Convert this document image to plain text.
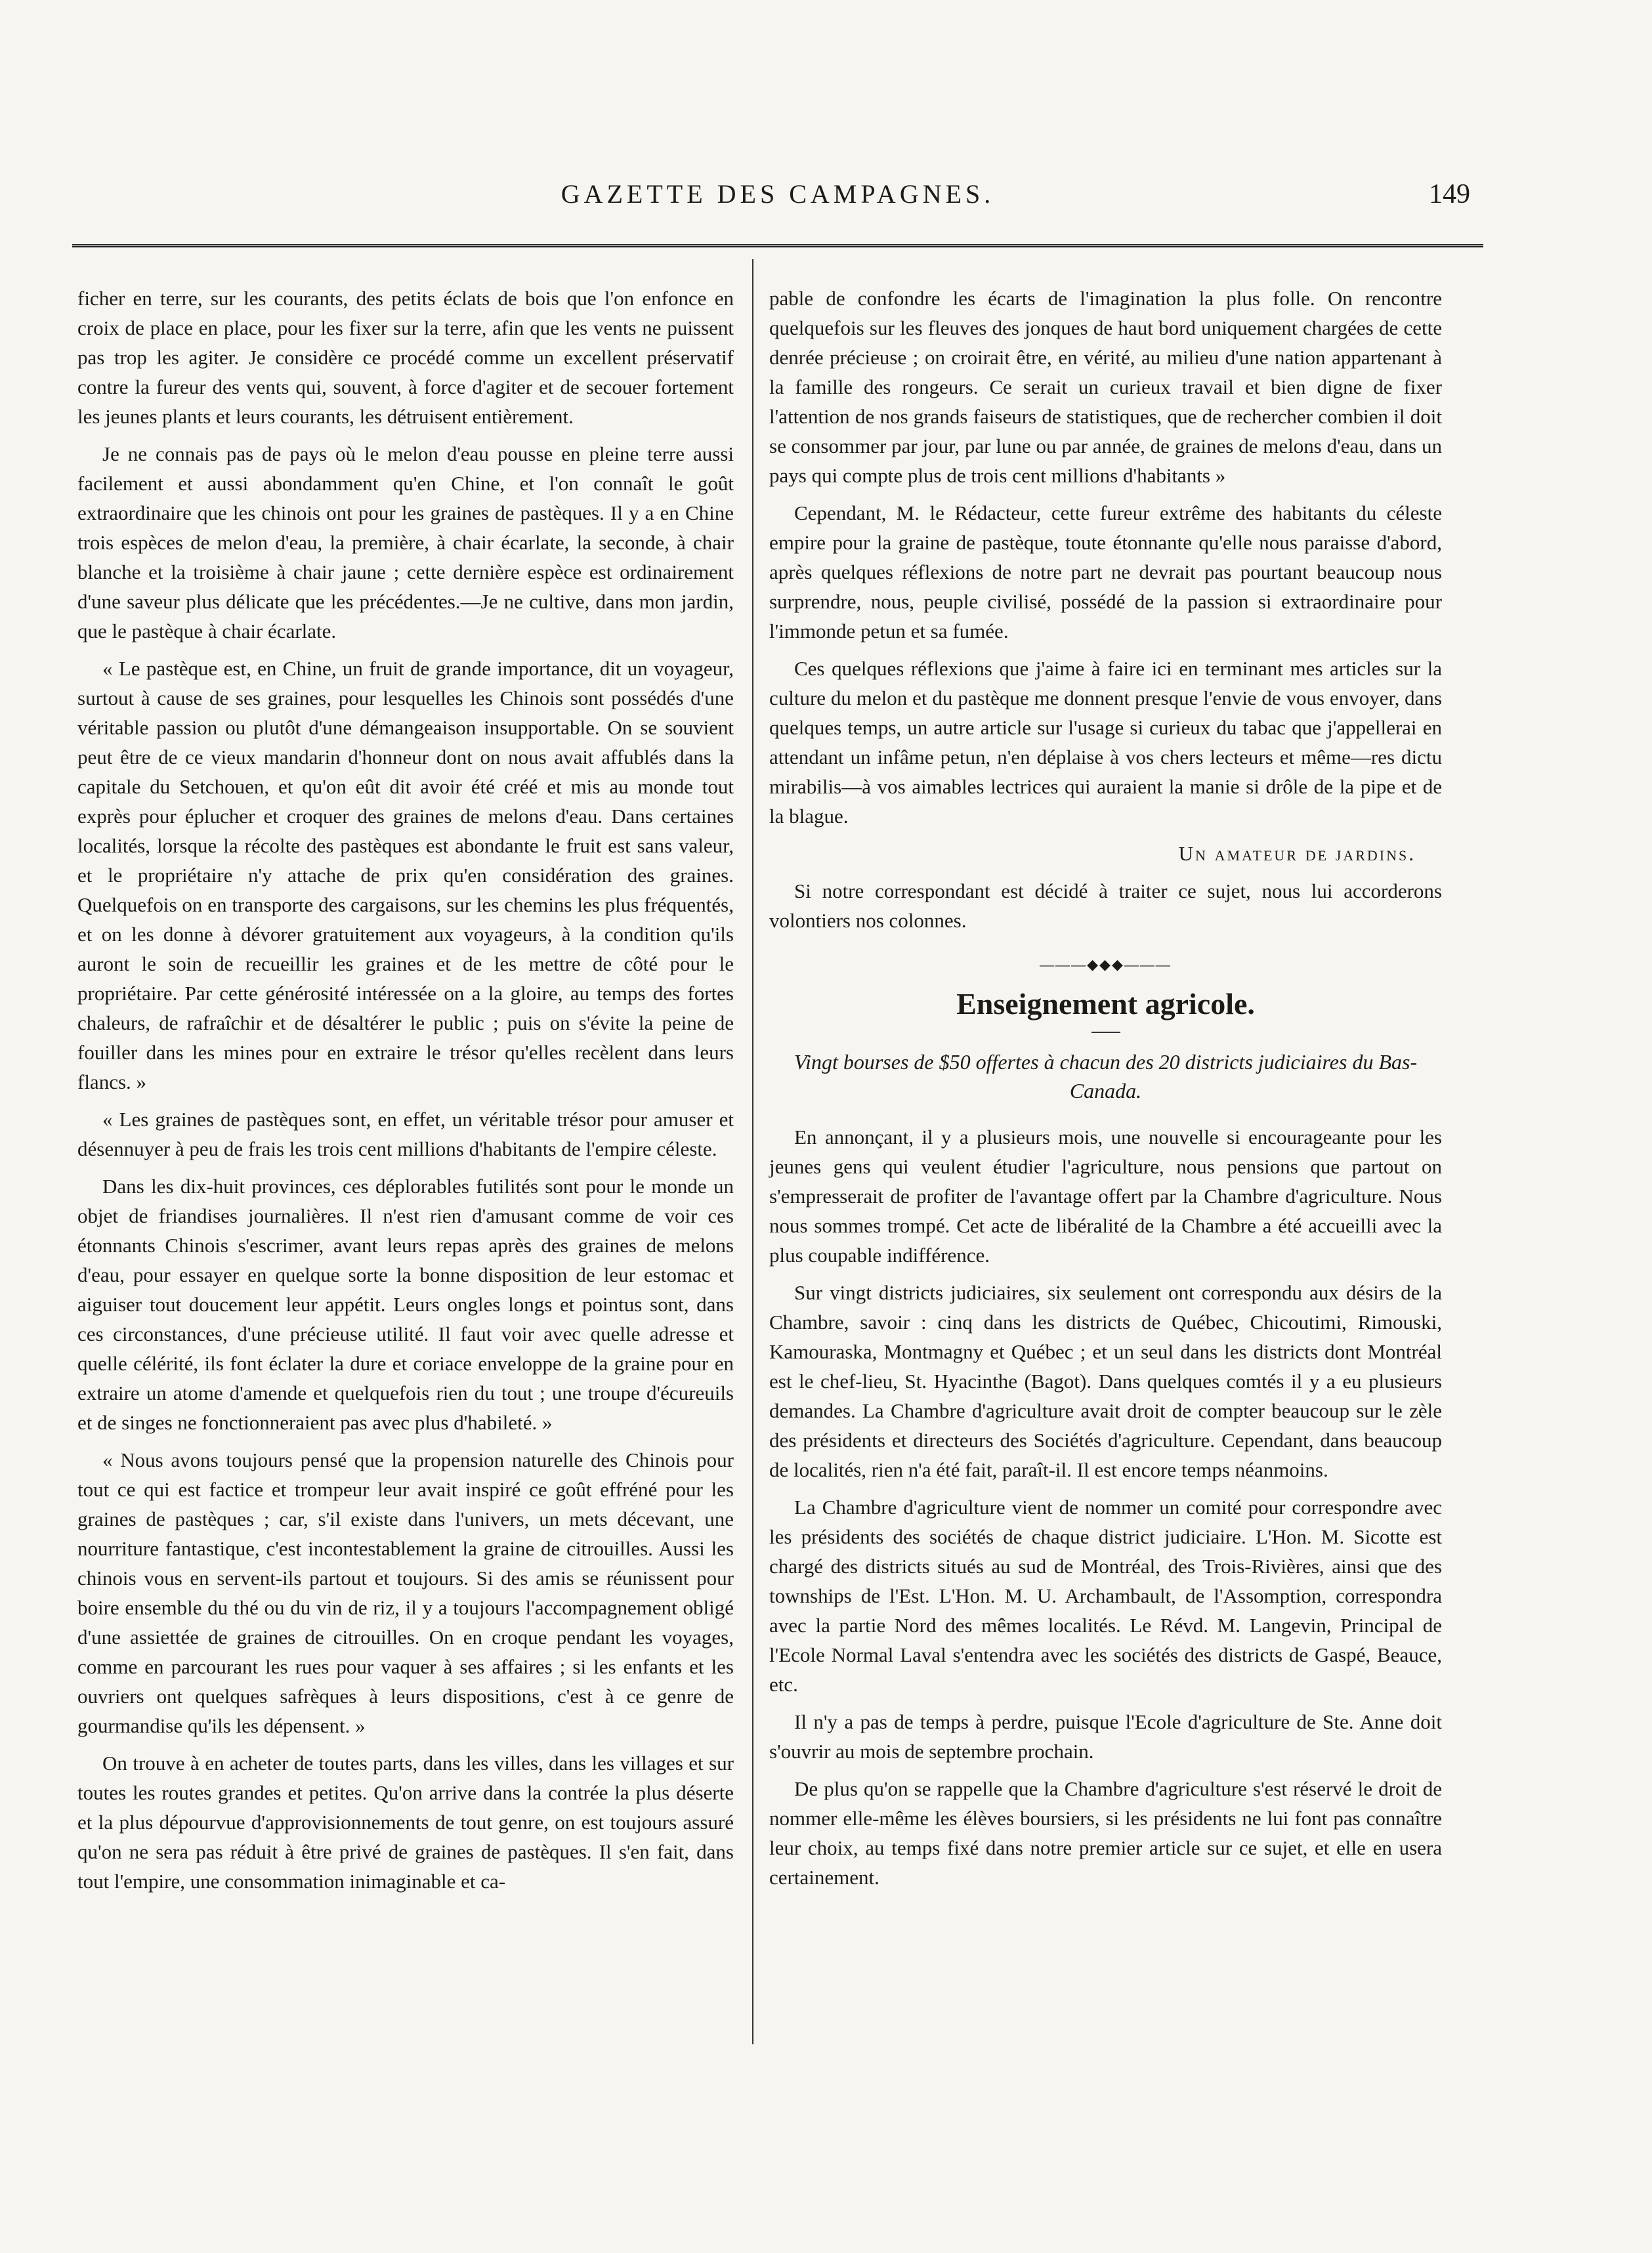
GAZETTE DES CAMPAGNES.	149

ficher en terre, sur les courants, des petits éclats de bois que l'on enfonce en croix de place en place, pour les fixer sur la terre, afin que les vents ne puissent pas trop les agiter. Je considère ce procédé comme un excellent préservatif contre la fureur des vents qui, souvent, à force d'agiter et de secouer fortement les jeunes plants et leurs courants, les détruisent entièrement.

Je ne connais pas de pays où le melon d'eau pousse en pleine terre aussi facilement et aussi abondamment qu'en Chine, et l'on connaît le goût extraordinaire que les chinois ont pour les graines de pastèques. Il y a en Chine trois espèces de melon d'eau, la première, à chair écarlate, la seconde, à chair blanche et la troisième à chair jaune ; cette dernière espèce est ordinairement d'une saveur plus délicate que les précédentes.—Je ne cultive, dans mon jardin, que le pastèque à chair écarlate.

« Le pastèque est, en Chine, un fruit de grande importance, dit un voyageur, surtout à cause de ses graines, pour lesquelles les Chinois sont possédés d'une véritable passion ou plutôt d'une démangeaison insupportable. On se souvient peut être de ce vieux mandarin d'honneur dont on nous avait affublés dans la capitale du Setchouen, et qu'on eût dit avoir été créé et mis au monde tout exprès pour éplucher et croquer des graines de melons d'eau. Dans certaines localités, lorsque la récolte des pastèques est abondante le fruit est sans valeur, et le propriétaire n'y attache de prix qu'en considération des graines. Quelquefois on en transporte des cargaisons, sur les chemins les plus fréquentés, et on les donne à dévorer gratuitement aux voyageurs, à la condition qu'ils auront le soin de recueillir les graines et de les mettre de côté pour le propriétaire. Par cette générosité intéressée on a la gloire, au temps des fortes chaleurs, de rafraîchir et de désaltérer le public ; puis on s'évite la peine de fouiller dans les mines pour en extraire le trésor qu'elles recèlent dans leurs flancs. »

« Les graines de pastèques sont, en effet, un véritable trésor pour amuser et désennuyer à peu de frais les trois cent millions d'habitants de l'empire céleste.

Dans les dix-huit provinces, ces déplorables futilités sont pour le monde un objet de friandises journalières. Il n'est rien d'amusant comme de voir ces étonnants Chinois s'escrimer, avant leurs repas après des graines de melons d'eau, pour essayer en quelque sorte la bonne disposition de leur estomac et aiguiser tout doucement leur appétit. Leurs ongles longs et pointus sont, dans ces circonstances, d'une précieuse utilité. Il faut voir avec quelle adresse et quelle célérité, ils font éclater la dure et coriace enveloppe de la graine pour en extraire un atome d'amende et quelquefois rien du tout ; une troupe d'écureuils et de singes ne fonctionneraient pas avec plus d'habileté. »

« Nous avons toujours pensé que la propension naturelle des Chinois pour tout ce qui est factice et trompeur leur avait inspiré ce goût effréné pour les graines de pastèques ; car, s'il existe dans l'univers, un mets décevant, une nourriture fantastique, c'est incontestablement la graine de citrouilles. Aussi les chinois vous en servent-ils partout et toujours. Si des amis se réunissent pour boire ensemble du thé ou du vin de riz, il y a toujours l'accompagnement obligé d'une assiettée de graines de citrouilles. On en croque pendant les voyages, comme en parcourant les rues pour vaquer à ses affaires ; si les enfants et les ouvriers ont quelques safrèques à leurs dispositions, c'est à ce genre de gourmandise qu'ils les dépensent. »

On trouve à en acheter de toutes parts, dans les villes, dans les villages et sur toutes les routes grandes et petites. Qu'on arrive dans la contrée la plus déserte et la plus dépourvue d'approvisionnements de tout genre, on est toujours assuré qu'on ne sera pas réduit à être privé de graines de pastèques. Il s'en fait, dans tout l'empire, une consommation inimaginable et ca-

pable de confondre les écarts de l'imagination la plus folle. On rencontre quelquefois sur les fleuves des jonques de haut bord uniquement chargées de cette denrée précieuse ; on croirait être, en vérité, au milieu d'une nation appartenant à la famille des rongeurs. Ce serait un curieux travail et bien digne de fixer l'attention de nos grands faiseurs de statistiques, que de rechercher combien il doit se consommer par jour, par lune ou par année, de graines de melons d'eau, dans un pays qui compte plus de trois cent millions d'habitants »

Cependant, M. le Rédacteur, cette fureur extrême des habitants du céleste empire pour la graine de pastèque, toute étonnante qu'elle nous paraisse d'abord, après quelques réflexions de notre part ne devrait pas pourtant beaucoup nous surprendre, nous, peuple civilisé, possédé de la passion si extraordinaire pour l'immonde petun et sa fumée.

Ces quelques réflexions que j'aime à faire ici en terminant mes articles sur la culture du melon et du pastèque me donnent presque l'envie de vous envoyer, dans quelques temps, un autre article sur l'usage si curieux du tabac que j'appellerai en attendant un infâme petun, n'en déplaise à vos chers lecteurs et même—res dictu mirabilis—à vos aimables lectrices qui auraient la manie si drôle de la pipe et de la blague.

Un amateur de jardins.

Si notre correspondant est décidé à traiter ce sujet, nous lui accorderons volontiers nos colonnes.

———◆◆◆———
Enseignement agricole.
Vingt bourses de $50 offertes à chacun des 20 districts judiciaires du Bas-Canada.

En annonçant, il y a plusieurs mois, une nouvelle si encourageante pour les jeunes gens qui veulent étudier l'agriculture, nous pensions que partout on s'empresserait de profiter de l'avantage offert par la Chambre d'agriculture. Nous nous sommes trompé. Cet acte de libéralité de la Chambre a été accueilli avec la plus coupable indifférence.

Sur vingt districts judiciaires, six seulement ont correspondu aux désirs de la Chambre, savoir : cinq dans les districts de Québec, Chicoutimi, Rimouski, Kamouraska, Montmagny et Québec ; et un seul dans les districts dont Montréal est le chef-lieu, St. Hyacinthe (Bagot). Dans quelques comtés il y a eu plusieurs demandes. La Chambre d'agriculture avait droit de compter beaucoup sur le zèle des présidents et directeurs des Sociétés d'agriculture. Cependant, dans beaucoup de localités, rien n'a été fait, paraît-il. Il est encore temps néanmoins.

La Chambre d'agriculture vient de nommer un comité pour correspondre avec les présidents des sociétés de chaque district judiciaire. L'Hon. M. Sicotte est chargé des districts situés au sud de Montréal, des Trois-Rivières, ainsi que des townships de l'Est. L'Hon. M. U. Archambault, de l'Assomption, correspondra avec la partie Nord des mêmes localités. Le Révd. M. Langevin, Principal de l'Ecole Normal Laval s'entendra avec les sociétés des districts de Gaspé, Beauce, etc.

Il n'y a pas de temps à perdre, puisque l'Ecole d'agriculture de Ste. Anne doit s'ouvrir au mois de septembre prochain.

De plus qu'on se rappelle que la Chambre d'agriculture s'est réservé le droit de nommer elle-même les élèves boursiers, si les présidents ne lui font pas connaître leur choix, au temps fixé dans notre premier article sur ce sujet, et elle en usera certainement.
